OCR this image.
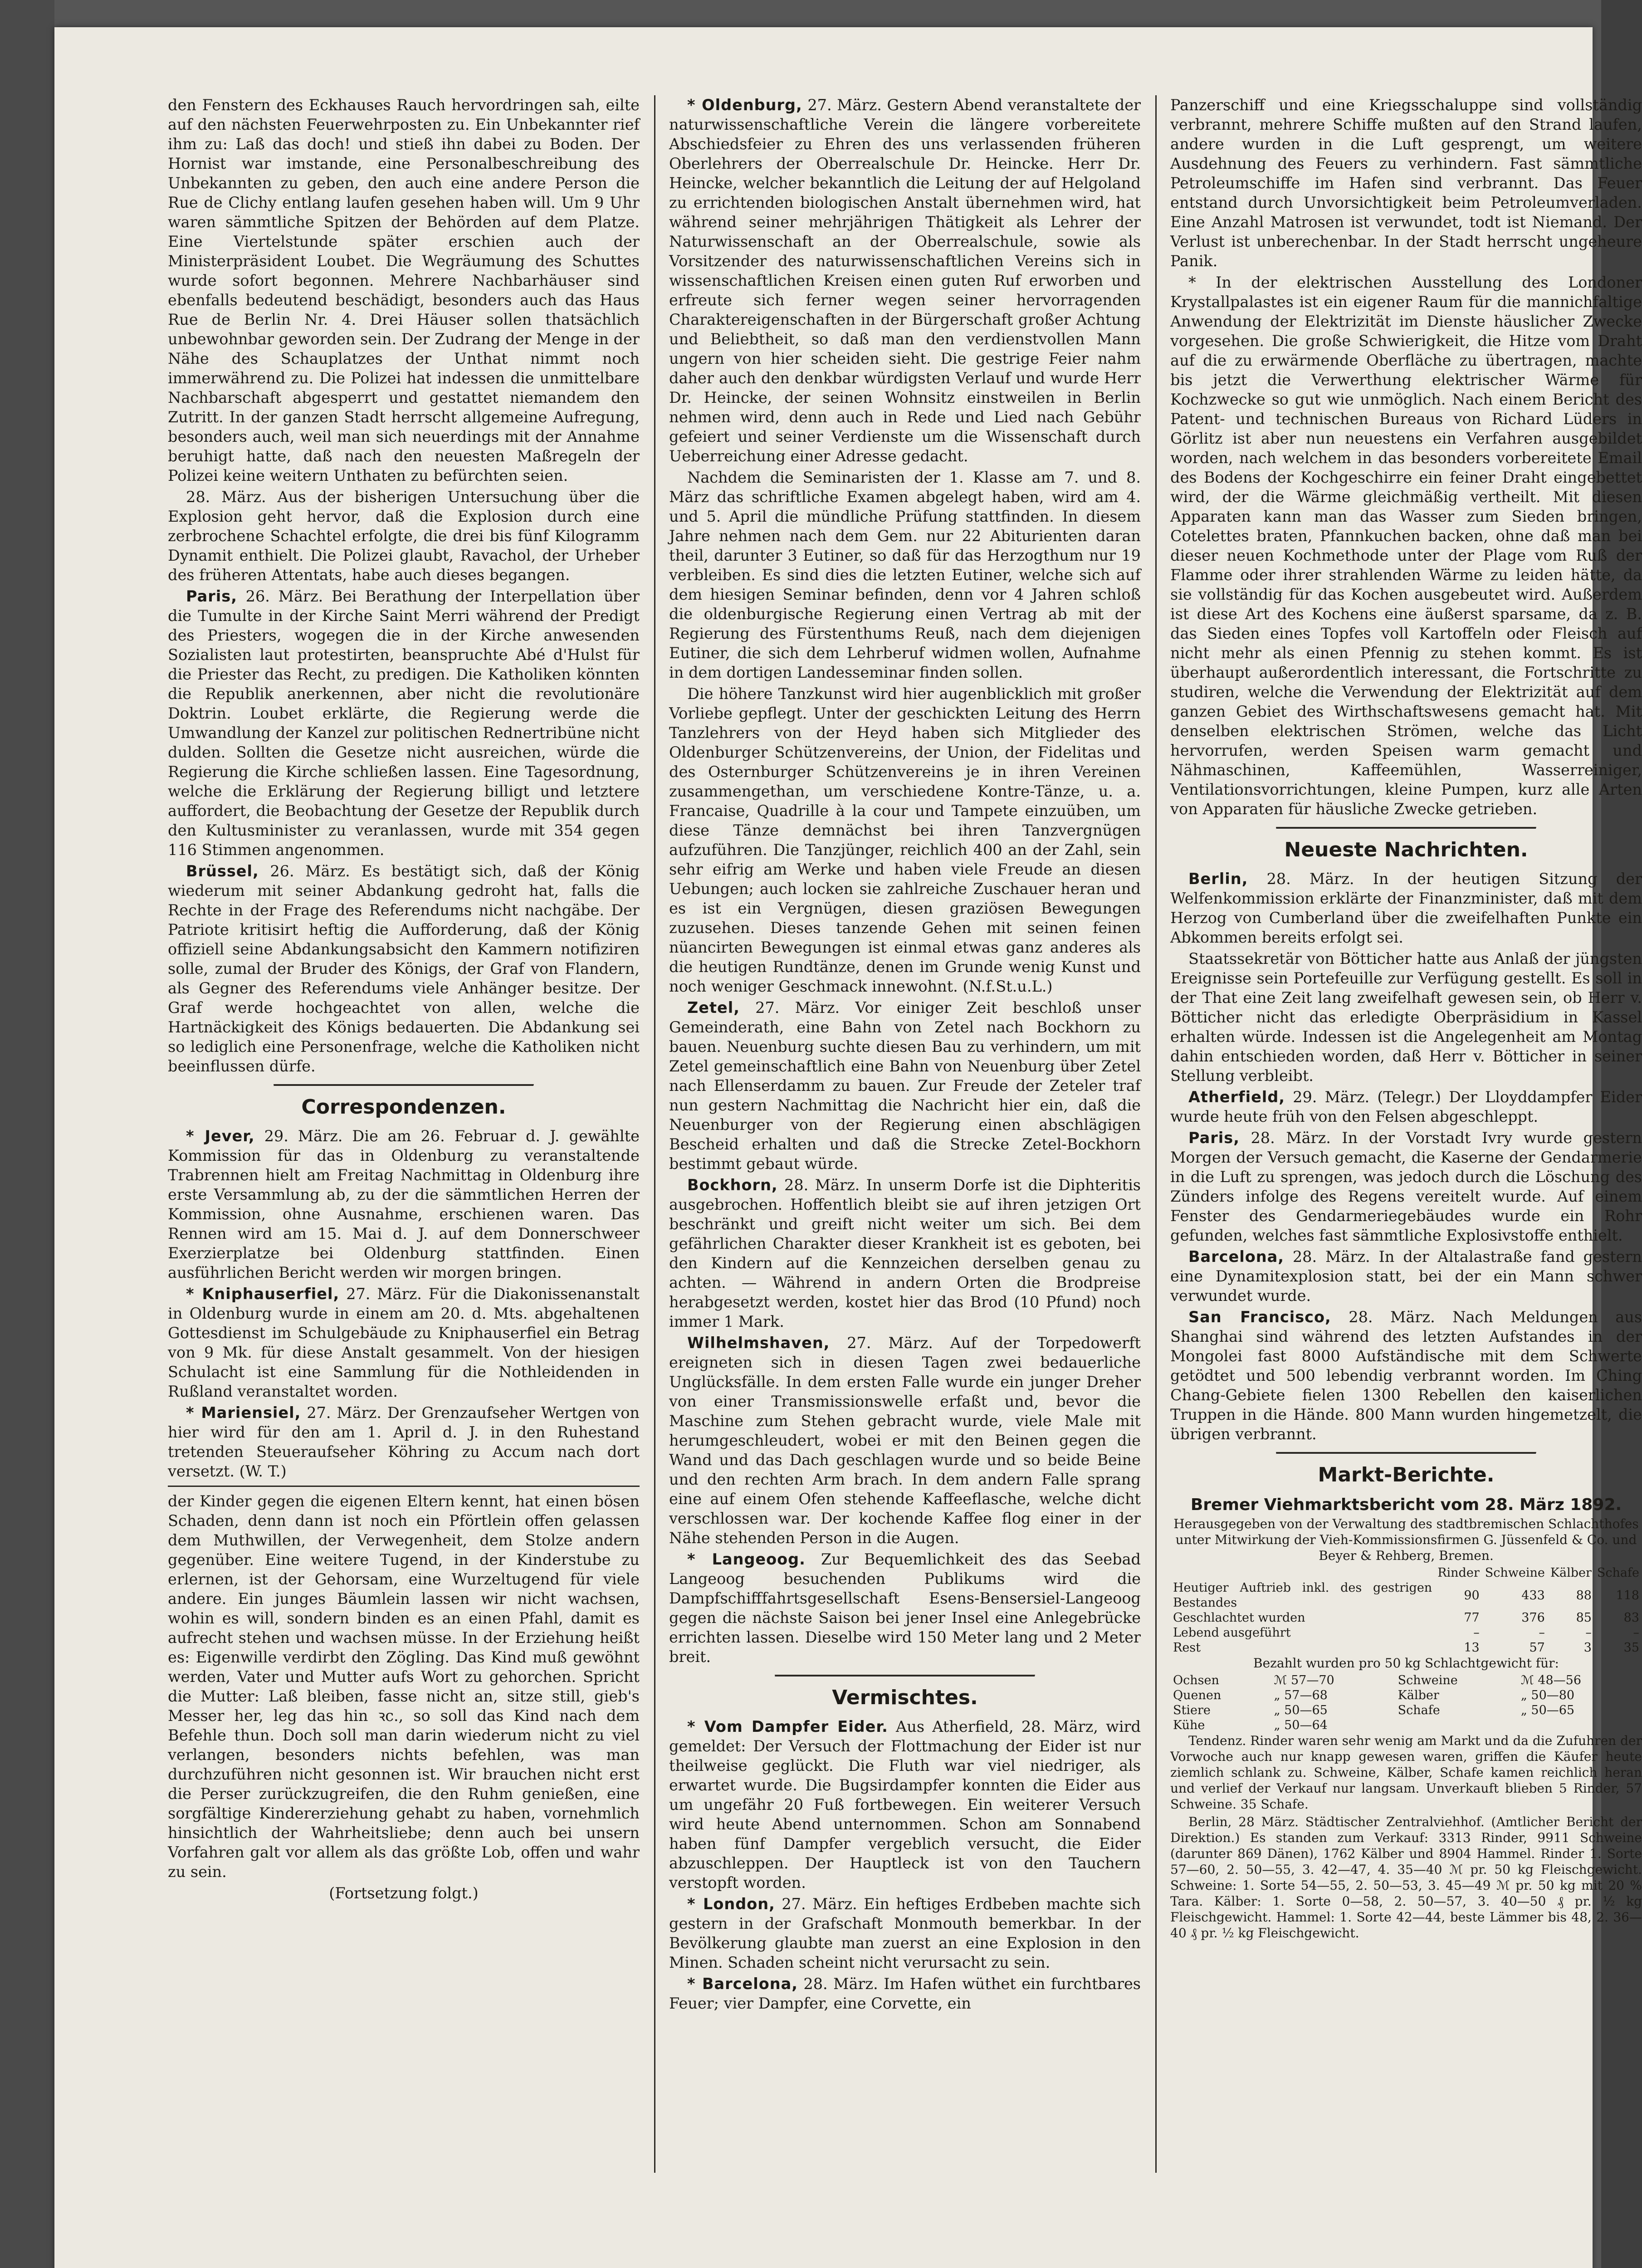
den Fenstern des Eckhauses Rauch hervordringen sah, eilte auf den nächsten Feuerwehrposten zu. Ein Unbekannter rief ihm zu: Laß das doch! und stieß ihn dabei zu Boden. Der Hornist war imstande, eine Personalbeschreibung des Unbekannten zu geben, den auch eine andere Person die Rue de Clichy entlang laufen gesehen haben will. Um 9 Uhr waren sämmtliche Spitzen der Behörden auf dem Platze. Eine Viertelstunde später erschien auch der Ministerpräsident Loubet. Die Wegräumung des Schuttes wurde sofort begonnen. Mehrere Nachbarhäuser sind ebenfalls bedeutend beschädigt, besonders auch das Haus Rue de Berlin Nr. 4. Drei Häuser sollen thatsächlich unbewohnbar geworden sein. Der Zudrang der Menge in der Nähe des Schauplatzes der Unthat nimmt noch immerwährend zu. Die Polizei hat indessen die unmittelbare Nachbarschaft abgesperrt und gestattet niemandem den Zutritt. In der ganzen Stadt herrscht allgemeine Aufregung, besonders auch, weil man sich neuerdings mit der Annahme beruhigt hatte, daß nach den neuesten Maßregeln der Polizei keine weitern Unthaten zu befürchten seien.

28. März. Aus der bisherigen Untersuchung über die Explosion geht hervor, daß die Explosion durch eine zerbrochene Schachtel erfolgte, die drei bis fünf Kilogramm Dynamit enthielt. Die Polizei glaubt, Ravachol, der Urheber des früheren Attentats, habe auch dieses begangen.

Paris, 26. März. Bei Berathung der Interpellation über die Tumulte in der Kirche Saint Merri während der Predigt des Priesters, wogegen die in der Kirche anwesenden Sozialisten laut protestirten, beanspruchte Abé d'Hulst für die Priester das Recht, zu predigen. Die Katholiken könnten die Republik anerkennen, aber nicht die revolutionäre Doktrin. Loubet erklärte, die Regierung werde die Umwandlung der Kanzel zur politischen Rednertribüne nicht dulden. Sollten die Gesetze nicht ausreichen, würde die Regierung die Kirche schließen lassen. Eine Tagesordnung, welche die Erklärung der Regierung billigt und letztere auffordert, die Beobachtung der Gesetze der Republik durch den Kultusminister zu veranlassen, wurde mit 354 gegen 116 Stimmen angenommen.

Brüssel, 26. März. Es bestätigt sich, daß der König wiederum mit seiner Abdankung gedroht hat, falls die Rechte in der Frage des Referendums nicht nachgäbe. Der Patriote kritisirt heftig die Aufforderung, daß der König offiziell seine Abdankungsabsicht den Kammern notifiziren solle, zumal der Bruder des Königs, der Graf von Flandern, als Gegner des Referendums viele Anhänger besitze. Der Graf werde hochgeachtet von allen, welche die Hartnäckigkeit des Königs bedauerten. Die Abdankung sei so lediglich eine Personenfrage, welche die Katholiken nicht beeinflussen dürfe.

Correspondenzen.

* Jever, 29. März. Die am 26. Februar d. J. gewählte Kommission für das in Oldenburg zu veranstaltende Trabrennen hielt am Freitag Nachmittag in Oldenburg ihre erste Versammlung ab, zu der die sämmtlichen Herren der Kommission, ohne Ausnahme, erschienen waren. Das Rennen wird am 15. Mai d. J. auf dem Donnerschweer Exerzierplatze bei Oldenburg stattfinden. Einen ausführlichen Bericht werden wir morgen bringen.

* Kniphauserfiel, 27. März. Für die Diakonissenanstalt in Oldenburg wurde in einem am 20. d. Mts. abgehaltenen Gottesdienst im Schulgebäude zu Kniphauserfiel ein Betrag von 9 Mk. für diese Anstalt gesammelt. Von der hiesigen Schulacht ist eine Sammlung für die Nothleidenden in Rußland veranstaltet worden.

* Mariensiel, 27. März. Der Grenzaufseher Wertgen von hier wird für den am 1. April d. J. in den Ruhestand tretenden Steueraufseher Köhring zu Accum nach dort versetzt. (W. T.)

der Kinder gegen die eigenen Eltern kennt, hat einen bösen Schaden, denn dann ist noch ein Pförtlein offen gelassen dem Muthwillen, der Verwegenheit, dem Stolze andern gegenüber. Eine weitere Tugend, in der Kinderstube zu erlernen, ist der Gehorsam, eine Wurzeltugend für viele andere. Ein junges Bäumlein lassen wir nicht wachsen, wohin es will, sondern binden es an einen Pfahl, damit es aufrecht stehen und wachsen müsse. In der Erziehung heißt es: Eigenwille verdirbt den Zögling. Das Kind muß gewöhnt werden, Vater und Mutter aufs Wort zu gehorchen. Spricht die Mutter: Laß bleiben, fasse nicht an, sitze still, gieb's Messer her, leg das hin ꝛc., so soll das Kind nach dem Befehle thun. Doch soll man darin wiederum nicht zu viel verlangen, besonders nichts befehlen, was man durchzuführen nicht gesonnen ist. Wir brauchen nicht erst die Perser zurückzugreifen, die den Ruhm genießen, eine sorgfältige Kindererziehung gehabt zu haben, vornehmlich hinsichtlich der Wahrheitsliebe; denn auch bei unsern Vorfahren galt vor allem als das größte Lob, offen und wahr zu sein.

(Fortsetzung folgt.)

* Oldenburg, 27. März. Gestern Abend veranstaltete der naturwissenschaftliche Verein die längere vorbereitete Abschiedsfeier zu Ehren des uns verlassenden früheren Oberlehrers der Oberrealschule Dr. Heincke. Herr Dr. Heincke, welcher bekanntlich die Leitung der auf Helgoland zu errichtenden biologischen Anstalt übernehmen wird, hat während seiner mehrjährigen Thätigkeit als Lehrer der Naturwissenschaft an der Oberrealschule, sowie als Vorsitzender des naturwissenschaftlichen Vereins sich in wissenschaftlichen Kreisen einen guten Ruf erworben und erfreute sich ferner wegen seiner hervorragenden Charaktereigenschaften in der Bürgerschaft großer Achtung und Beliebtheit, so daß man den verdienstvollen Mann ungern von hier scheiden sieht. Die gestrige Feier nahm daher auch den denkbar würdigsten Verlauf und wurde Herr Dr. Heincke, der seinen Wohnsitz einstweilen in Berlin nehmen wird, denn auch in Rede und Lied nach Gebühr gefeiert und seiner Verdienste um die Wissenschaft durch Ueberreichung einer Adresse gedacht.

Nachdem die Seminaristen der 1. Klasse am 7. und 8. März das schriftliche Examen abgelegt haben, wird am 4. und 5. April die mündliche Prüfung stattfinden. In diesem Jahre nehmen nach dem Gem. nur 22 Abiturienten daran theil, darunter 3 Eutiner, so daß für das Herzogthum nur 19 verbleiben. Es sind dies die letzten Eutiner, welche sich auf dem hiesigen Seminar befinden, denn vor 4 Jahren schloß die oldenburgische Regierung einen Vertrag ab mit der Regierung des Fürstenthums Reuß, nach dem diejenigen Eutiner, die sich dem Lehrberuf widmen wollen, Aufnahme in dem dortigen Landesseminar finden sollen.

Die höhere Tanzkunst wird hier augenblicklich mit großer Vorliebe gepflegt. Unter der geschickten Leitung des Herrn Tanzlehrers von der Heyd haben sich Mitglieder des Oldenburger Schützenvereins, der Union, der Fidelitas und des Osternburger Schützenvereins je in ihren Vereinen zusammengethan, um verschiedene Kontre-Tänze, u. a. Francaise, Quadrille à la cour und Tampete einzuüben, um diese Tänze demnächst bei ihren Tanzvergnügen aufzuführen. Die Tanzjünger, reichlich 400 an der Zahl, sein sehr eifrig am Werke und haben viele Freude an diesen Uebungen; auch locken sie zahlreiche Zuschauer heran und es ist ein Vergnügen, diesen graziösen Bewegungen zuzusehen. Dieses tanzende Gehen mit seinen feinen nüancirten Bewegungen ist einmal etwas ganz anderes als die heutigen Rundtänze, denen im Grunde wenig Kunst und noch weniger Geschmack innewohnt. (N.f.St.u.L.)

Zetel, 27. März. Vor einiger Zeit beschloß unser Gemeinderath, eine Bahn von Zetel nach Bockhorn zu bauen. Neuenburg suchte diesen Bau zu verhindern, um mit Zetel gemeinschaftlich eine Bahn von Neuenburg über Zetel nach Ellenserdamm zu bauen. Zur Freude der Zeteler traf nun gestern Nachmittag die Nachricht hier ein, daß die Neuenburger von der Regierung einen abschlägigen Bescheid erhalten und daß die Strecke Zetel-Bockhorn bestimmt gebaut würde.

Bockhorn, 28. März. In unserm Dorfe ist die Diphteritis ausgebrochen. Hoffentlich bleibt sie auf ihren jetzigen Ort beschränkt und greift nicht weiter um sich. Bei dem gefährlichen Charakter dieser Krankheit ist es geboten, bei den Kindern auf die Kennzeichen derselben genau zu achten. — Während in andern Orten die Brodpreise herabgesetzt werden, kostet hier das Brod (10 Pfund) noch immer 1 Mark.

Wilhelmshaven, 27. März. Auf der Torpedowerft ereigneten sich in diesen Tagen zwei bedauerliche Unglücksfälle. In dem ersten Falle wurde ein junger Dreher von einer Transmissionswelle erfaßt und, bevor die Maschine zum Stehen gebracht wurde, viele Male mit herumgeschleudert, wobei er mit den Beinen gegen die Wand und das Dach geschlagen wurde und so beide Beine und den rechten Arm brach. In dem andern Falle sprang eine auf einem Ofen stehende Kaffeeflasche, welche dicht verschlossen war. Der kochende Kaffee flog einer in der Nähe stehenden Person in die Augen.

* Langeoog. Zur Bequemlichkeit des das Seebad Langeoog besuchenden Publikums wird die Dampfschifffahrtsgesellschaft Esens-Bensersiel-Langeoog gegen die nächste Saison bei jener Insel eine Anlegebrücke errichten lassen. Dieselbe wird 150 Meter lang und 2 Meter breit.

Vermischtes.

* Vom Dampfer Eider. Aus Atherfield, 28. März, wird gemeldet: Der Versuch der Flottmachung der Eider ist nur theilweise geglückt. Die Fluth war viel niedriger, als erwartet wurde. Die Bugsirdampfer konnten die Eider aus um ungefähr 20 Fuß fortbewegen. Ein weiterer Versuch wird heute Abend unternommen. Schon am Sonnabend haben fünf Dampfer vergeblich versucht, die Eider abzuschleppen. Der Hauptleck ist von den Tauchern verstopft worden.

* London, 27. März. Ein heftiges Erdbeben machte sich gestern in der Grafschaft Monmouth bemerkbar. In der Bevölkerung glaubte man zuerst an eine Explosion in den Minen. Schaden scheint nicht verursacht zu sein.

* Barcelona, 28. März. Im Hafen wüthet ein furchtbares Feuer; vier Dampfer, eine Corvette, ein

Panzerschiff und eine Kriegsschaluppe sind vollständig verbrannt, mehrere Schiffe mußten auf den Strand laufen, andere wurden in die Luft gesprengt, um weitere Ausdehnung des Feuers zu verhindern. Fast sämmtliche Petroleumschiffe im Hafen sind verbrannt. Das Feuer entstand durch Unvorsichtigkeit beim Petroleumverladen. Eine Anzahl Matrosen ist verwundet, todt ist Niemand. Der Verlust ist unberechenbar. In der Stadt herrscht ungeheure Panik.

* In der elektrischen Ausstellung des Londoner Krystallpalastes ist ein eigener Raum für die mannichfaltige Anwendung der Elektrizität im Dienste häuslicher Zwecke vorgesehen. Die große Schwierigkeit, die Hitze vom Draht auf die zu erwärmende Oberfläche zu übertragen, machte bis jetzt die Verwerthung elektrischer Wärme für Kochzwecke so gut wie unmöglich. Nach einem Bericht des Patent- und technischen Bureaus von Richard Lüders in Görlitz ist aber nun neuestens ein Verfahren ausgebildet worden, nach welchem in das besonders vorbereitete Email des Bodens der Kochgeschirre ein feiner Draht eingebettet wird, der die Wärme gleichmäßig vertheilt. Mit diesen Apparaten kann man das Wasser zum Sieden bringen, Cotelettes braten, Pfannkuchen backen, ohne daß man bei dieser neuen Kochmethode unter der Plage vom Ruß der Flamme oder ihrer strahlenden Wärme zu leiden hätte, da sie vollständig für das Kochen ausgebeutet wird. Außerdem ist diese Art des Kochens eine äußerst sparsame, da z. B. das Sieden eines Topfes voll Kartoffeln oder Fleisch auf nicht mehr als einen Pfennig zu stehen kommt. Es ist überhaupt außerordentlich interessant, die Fortschritte zu studiren, welche die Verwendung der Elektrizität auf dem ganzen Gebiet des Wirthschaftswesens gemacht hat. Mit denselben elektrischen Strömen, welche das Licht hervorrufen, werden Speisen warm gemacht und Nähmaschinen, Kaffeemühlen, Wasserreiniger, Ventilationsvorrichtungen, kleine Pumpen, kurz alle Arten von Apparaten für häusliche Zwecke getrieben.

Neueste Nachrichten.

Berlin, 28. März. In der heutigen Sitzung der Welfenkommission erklärte der Finanzminister, daß mit dem Herzog von Cumberland über die zweifelhaften Punkte ein Abkommen bereits erfolgt sei.

Staatssekretär von Bötticher hatte aus Anlaß der jüngsten Ereignisse sein Portefeuille zur Verfügung gestellt. Es soll in der That eine Zeit lang zweifelhaft gewesen sein, ob Herr v. Bötticher nicht das erledigte Oberpräsidium in Kassel erhalten würde. Indessen ist die Angelegenheit am Montag dahin entschieden worden, daß Herr v. Bötticher in seiner Stellung verbleibt.

Atherfield, 29. März. (Telegr.) Der Lloyddampfer Eider wurde heute früh von den Felsen abgeschleppt.

Paris, 28. März. In der Vorstadt Ivry wurde gestern Morgen der Versuch gemacht, die Kaserne der Gendarmerie in die Luft zu sprengen, was jedoch durch die Löschung des Zünders infolge des Regens vereitelt wurde. Auf einem Fenster des Gendarmeriegebäudes wurde ein Rohr gefunden, welches fast sämmtliche Explosivstoffe enthielt.

Barcelona, 28. März. In der Altalastraße fand gestern eine Dynamitexplosion statt, bei der ein Mann schwer verwundet wurde.

San Francisco, 28. März. Nach Meldungen aus Shanghai sind während des letzten Aufstandes in der Mongolei fast 8000 Aufständische mit dem Schwerte getödtet und 500 lebendig verbrannt worden. Im Ching Chang-Gebiete fielen 1300 Rebellen den kaiserlichen Truppen in die Hände. 800 Mann wurden hingemetzelt, die übrigen verbrannt.

Markt-Berichte.
Bremer Viehmarktsbericht vom 28. März 1892.

Herausgegeben von der Verwaltung des stadtbremischen Schlachthofes unter Mitwirkung der Vieh-Kommissionsfirmen G. Jüssenfeld & Co. und Beyer & Rehberg, Bremen.

	Rinder	Schweine	Kälber	Schafe
Heutiger Auftrieb inkl. des gestrigen Bestandes	90	433	88	118
Geschlachtet wurden	77	376	85	83
Lebend ausgeführt	–	–	–	–
Rest	13	57	3	35

Bezahlt wurden pro 50 kg Schlachtgewicht für:

Ochsen	ℳ 57—70	Schweine	ℳ 48—56
Quenen	„ 57—68	Kälber	„ 50—80
Stiere	„ 50—65	Schafe	„ 50—65
Kühe	„ 50—64		

Tendenz. Rinder waren sehr wenig am Markt und da die Zufuhren der Vorwoche auch nur knapp gewesen waren, griffen die Käufer heute ziemlich schlank zu. Schweine, Kälber, Schafe kamen reichlich heran und verlief der Verkauf nur langsam. Unverkauft blieben 5 Rinder, 57 Schweine. 35 Schafe.

Berlin, 28 März. Städtischer Zentralviehhof. (Amtlicher Bericht der Direktion.) Es standen zum Verkauf: 3313 Rinder, 9911 Schweine (darunter 869 Dänen), 1762 Kälber und 8904 Hammel. Rinder 1. Sorte 57—60, 2. 50—55, 3. 42—47, 4. 35—40 ℳ pr. 50 kg Fleischgewicht. Schweine: 1. Sorte 54—55, 2. 50—53, 3. 45—49 ℳ pr. 50 kg mit 20 % Tara. Kälber: 1. Sorte 0—58, 2. 50—57, 3. 40—50 ₰ pr. ½ kg Fleischgewicht. Hammel: 1. Sorte 42—44, beste Lämmer bis 48, 2. 36—40 ₰ pr. ½ kg Fleischgewicht.
